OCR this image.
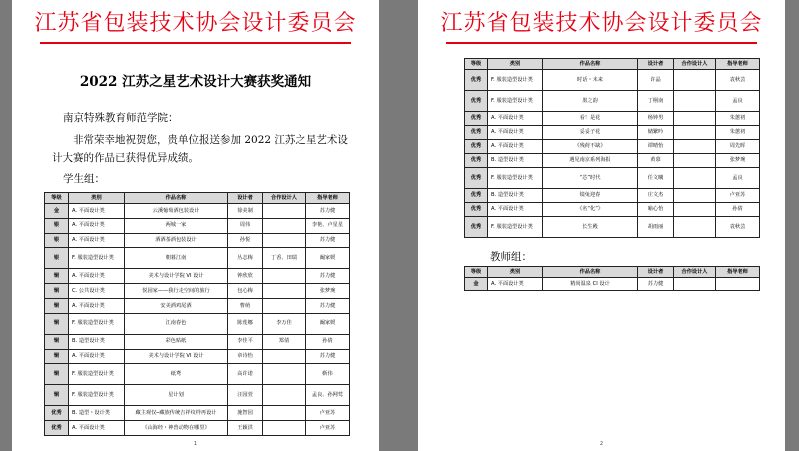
江苏省包装技术协会设计委员会
2022 江苏之星艺术设计大赛获奖通知
南京特殊教育师范学院：

非常荣幸地祝贺您，贵单位报送参加 2022 江苏之星艺术设计大赛的作品已获得优异成绩。

学生组：
等级	类别	作品名称	设计者	合作设计人	指导老师
金	A. 平面设计类	云溪葡萄酒包装设计	徐美制		苏力健
银	A. 平面设计类	两城一家	周伟		李艳、卢星星
银	A. 平面设计类	酒酒茶酒包装设计	孙悦		苏力健
银	F. 服装造型设计类	朝暮江南	丛志梅	丁香、田瑞	阚家媛
铜	A. 平面设计类	美术与设计学院 VI 设计	钟欣欣		苏力健
铜	C. 公共设计类	悦园家——我行走空间的旅行	包心梅		张梦琬
铜	A. 平面设计类	安美酒鸡尾酒	曹萌		苏力健
铜	F. 服装造型设计类	江南春色	陈莲娜	李万佳	阚家媛
铜	B. 造型设计类	彩色贴纸	李佳平	郑倩	孙倩
铜	A. 平面设计类	美术与设计学院 VI 设计	章诗怡		苏力健
铜	F. 服装造型设计类	纸鸢	高许诺		靳伟
铜	F. 服装造型设计类	星计划	汪园萱		孟良、孙网莺
优秀	B. 造型・设计类	藏主观仅─藏族传统吉祥纹样再设计	施智园		卢亚苏
优秀	A. 平面设计类	《山海经・神兽动物在哪里》	王颖洪		卢亚苏
1
江苏省包装技术协会设计委员会
等级	类别	作品名称	设计者	合作设计人	指导老师
优秀	F. 服装造型设计类	时话・未来	许晶		袁秋芸
优秀	F. 服装造型设计类	墨之韵	丁栩南		孟良
优秀	A. 平面设计类	看！是花	杨钟男		朱蕙初
优秀	A. 平面设计类	妥妥子花	储繁吟		朱蕙初
优秀	A. 平面设计类	《残荷不缺》	谭晴怡		周先晖
优秀	B. 造型设计类	遇见南京系列海报	黄慕		张梦琬
优秀	F. 服装造型设计类	“芯”时代	任文曦		孟良
优秀	B. 造型设计类	镜兔迎春	庄文杰		卢亚苏
优秀	A. 平面设计类	《名“化”》	喻心怡		孙倩
优秀	F. 服装造型设计类	长生殿	胡雨丽		袁秋芸
教师组：
等级	类别	作品名称	设计者	合作设计人	指导老师
金	A. 平面设计类	精尚温泉 CI 设计	苏力健		
2
